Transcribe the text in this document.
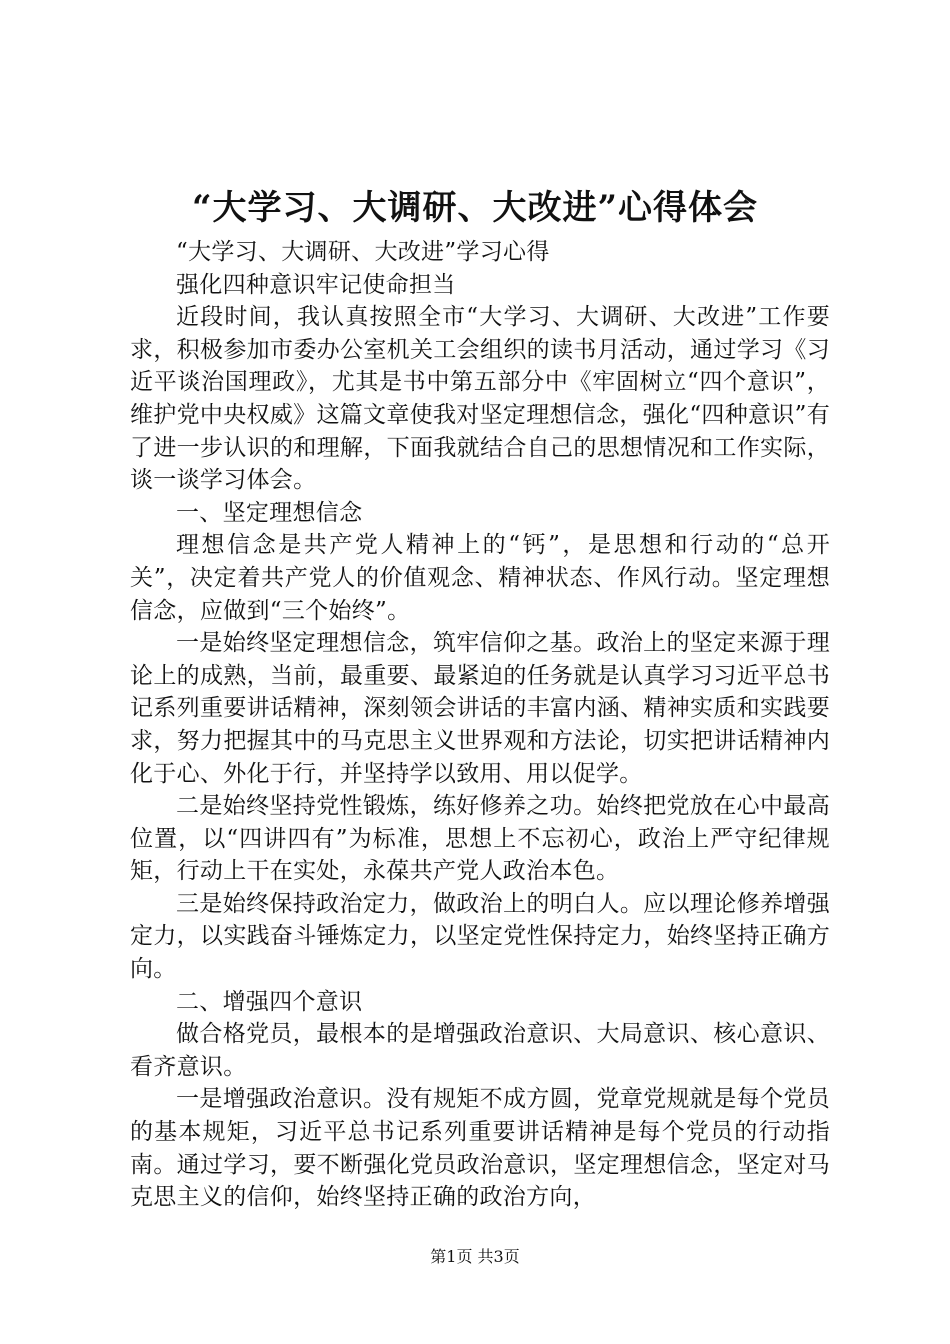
“大学习、大调研、大改进”心得体会

“大学习、大调研、大改进”学习心得

强化四种意识牢记使命担当

近段时间，我认真按照全市“大学习、大调研、大改进”工作要求，积极参加市委办公室机关工会组织的读书月活动，通过学习《习近平谈治国理政》，尤其是书中第五部分中《牢固树立“四个意识”，维护党中央权威》这篇文章使我对坚定理想信念，强化“四种意识”有了进一步认识的和理解，下面我就结合自己的思想情况和工作实际，谈一谈学习体会。

一、坚定理想信念

理想信念是共产党人精神上的“钙”，是思想和行动的“总开关”，决定着共产党人的价值观念、精神状态、作风行动。坚定理想信念，应做到“三个始终”。

一是始终坚定理想信念，筑牢信仰之基。政治上的坚定来源于理论上的成熟，当前，最重要、最紧迫的任务就是认真学习习近平总书记系列重要讲话精神，深刻领会讲话的丰富内涵、精神实质和实践要求，努力把握其中的马克思主义世界观和方法论，切实把讲话精神内化于心、外化于行，并坚持学以致用、用以促学。

二是始终坚持党性锻炼，练好修养之功。始终把党放在心中最高位置，以“四讲四有”为标准，思想上不忘初心，政治上严守纪律规矩，行动上干在实处，永葆共产党人政治本色。

三是始终保持政治定力，做政治上的明白人。应以理论修养增强定力，以实践奋斗锤炼定力，以坚定党性保持定力，始终坚持正确方向。

二、增强四个意识

做合格党员，最根本的是增强政治意识、大局意识、核心意识、看齐意识。

一是增强政治意识。没有规矩不成方圆，党章党规就是每个党员的基本规矩，习近平总书记系列重要讲话精神是每个党员的行动指南。通过学习，要不断强化党员政治意识，坚定理想信念，坚定对马克思主义的信仰，始终坚持正确的政治方向，

第1页 共3页
